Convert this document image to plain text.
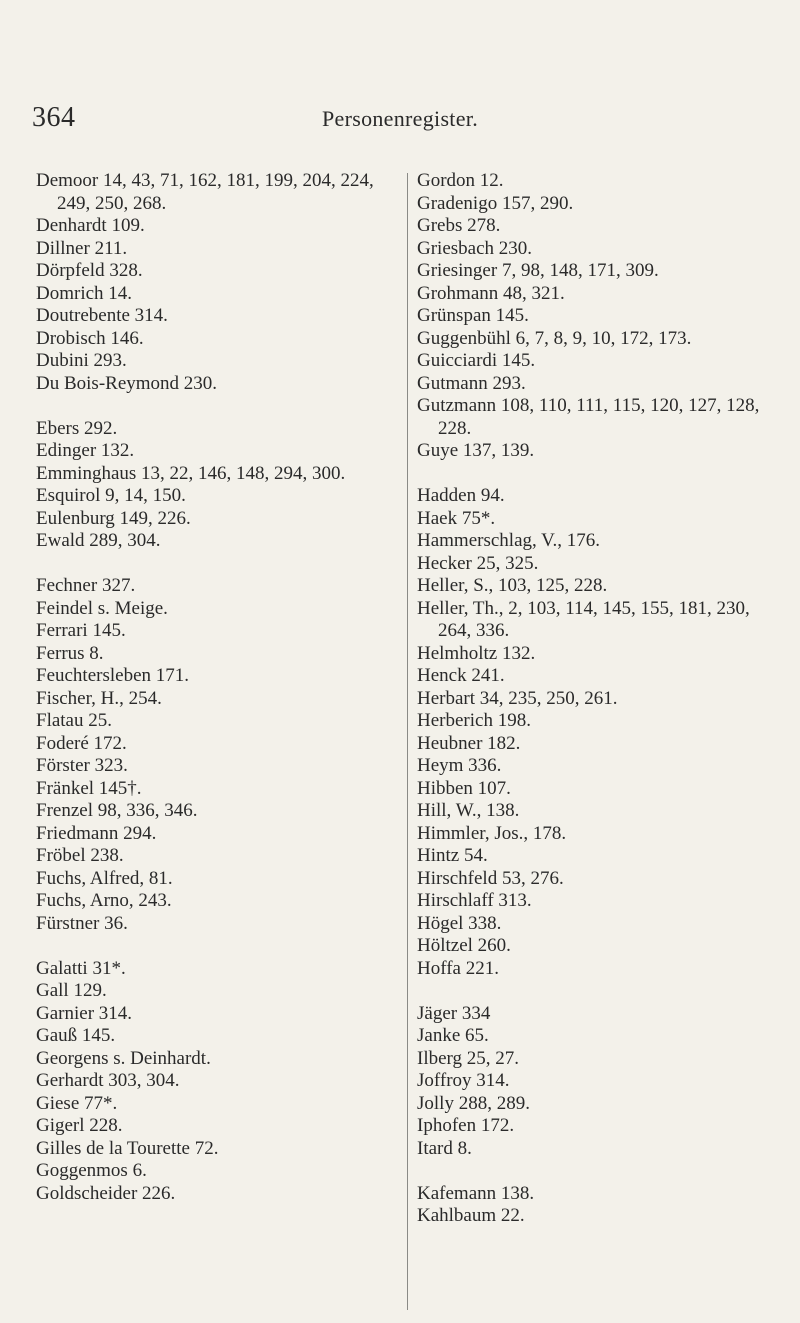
364	Personenregister.

Demoor 14, 43, 71, 162, 181, 199, 204, 224, 249, 250, 268.

Denhardt 109.

Dillner 211.

Dörpfeld 328.

Domrich 14.

Doutrebente 314.

Drobisch 146.

Dubini 293.

Du Bois-Reymond 230.

Ebers 292.

Edinger 132.

Emminghaus 13, 22, 146, 148, 294, 300.

Esquirol 9, 14, 150.

Eulenburg 149, 226.

Ewald 289, 304.

Fechner 327.

Feindel s. Meige.

Ferrari 145.

Ferrus 8.

Feuchtersleben 171.

Fischer, H., 254.

Flatau 25.

Foderé 172.

Förster 323.

Fränkel 145†.

Frenzel 98, 336, 346.

Friedmann 294.

Fröbel 238.

Fuchs, Alfred, 81.

Fuchs, Arno, 243.

Fürstner 36.

Galatti 31*.

Gall 129.

Garnier 314.

Gauß 145.

Georgens s. Deinhardt.

Gerhardt 303, 304.

Giese 77*.

Gigerl 228.

Gilles de la Tourette 72.

Goggenmos 6.

Goldscheider 226.

Gordon 12.

Gradenigo 157, 290.

Grebs 278.

Griesbach 230.

Griesinger 7, 98, 148, 171, 309.

Grohmann 48, 321.

Grünspan 145.

Guggenbühl 6, 7, 8, 9, 10, 172, 173.

Guicciardi 145.

Gutmann 293.

Gutzmann 108, 110, 111, 115, 120, 127, 128, 228.

Guye 137, 139.

Hadden 94.

Haek 75*.

Hammerschlag, V., 176.

Hecker 25, 325.

Heller, S., 103, 125, 228.

Heller, Th., 2, 103, 114, 145, 155, 181, 230, 264, 336.

Helmholtz 132.

Henck 241.

Herbart 34, 235, 250, 261.

Herberich 198.

Heubner 182.

Heym 336.

Hibben 107.

Hill, W., 138.

Himmler, Jos., 178.

Hintz 54.

Hirschfeld 53, 276.

Hirschlaff 313.

Högel 338.

Höltzel 260.

Hoffa 221.

Jäger 334

Janke 65.

Ilberg 25, 27.

Joffroy 314.

Jolly 288, 289.

Iphofen 172.

Itard 8.

Kafemann 138.

Kahlbaum 22.
